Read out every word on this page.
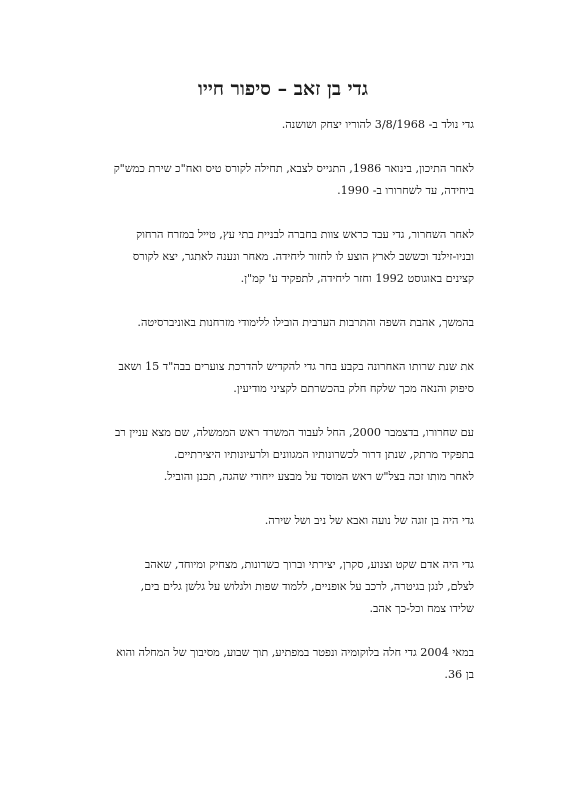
גדי בן זאב – סיפור חייו

גדי נולד ב- 3/8/1968 להוריו יצחק ושושנה.

לאחר התיכון, בינואר 1986, התגייס לצבא, תחילה לקורס טיס ואח"כ שירת כמש"ק
ביחידה, עד לשחרורו ב- 1990.

לאחר השחרור, גדי עבד כראש צוות בחברה לבניית בתי עץ, טייל במזרח הרחוק
ובניו-זילנד וכששב לארץ הוצע לו לחזור ליחידה. מאחר ונענה לאתגר, יצא לקורס
קצינים באוגוסט 1992 וחזר ליחידה, לתפקיד ע' קמ"ן.

בהמשך, אהבת השפה והתרבות הערבית הובילו ללימודי מזרחנות באוניברסיטה.

את שנת שרותו האחרונה בקבע בחר גדי להקדיש להדרכת צוערים בבה"ד 15 ושאב
סיפוק והנאה מכך שלקח חלק בהכשרתם לקציני מודיעין.

עם שחרורו, בדצמבר 2000, החל לעבוד המשרד ראש הממשלה, שם מצא עניין רב
בתפקיד מרתק, שנתן דרור לכשרונותיו המגוונים ולרעיונותיו היצירתיים.
לאחר מותו זכה בצל"ש ראש המוסד על מבצע ייחודי שהגה, תכנן והוביל.

גדי היה בן זוגה של נועה ואבא של ניב ושל שירה.

גדי היה אדם שקט וצנוע, סקרן, יצירתי וברוך כשרונות, מצחיק ומיוחד, שאהב
לצלם, לנגן בגיטרה, לרכב על אופניים, ללמוד שפות ולגלוש על גלשן גלים בים,
שלידו צמח וכל-כך אהב.

במאי 2004 גדי חלה בלוקומיה ונפטר במפתיע, תוך שבוע, מסיבוך של המחלה והוא
בן 36.
